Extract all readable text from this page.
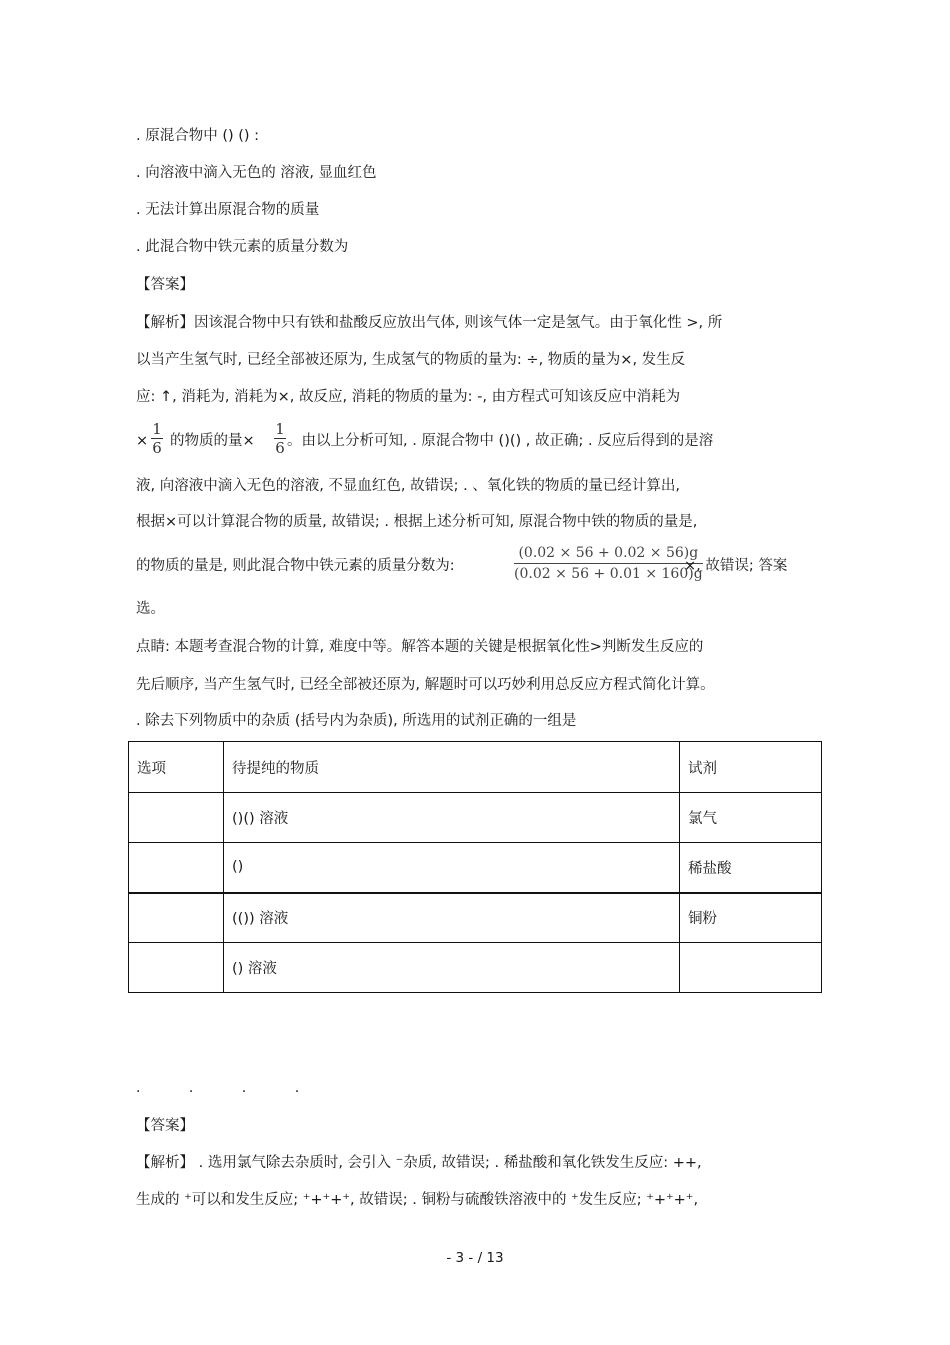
. 原混合物中 () () :
. 向溶液中滴入无色的 溶液, 显血红色
. 无法计算出原混合物的质量
. 此混合物中铁元素的质量分数为
【答案】
【解析】因该混合物中只有铁和盐酸反应放出气体, 则该气体一定是氢气。由于氧化性 >, 所
以当产生氢气时, 已经全部被还原为, 生成氢气的物质的量为: ÷, 物质的量为×, 发生反
应: ↑, 消耗为, 消耗为×, 故反应, 消耗的物质的量为: -, 由方程式可知该反应中消耗为
× $\frac{1}{6}$ 的物质的量× $\frac{1}{6}$ 。由以上分析可知, . 原混合物中 ()() , 故正确; . 反应后得到的是溶
液, 向溶液中滴入无色的溶液, 不显血红色, 故错误; . 、氧化铁的物质的量已经计算出,
根据×可以计算混合物的质量, 故错误; . 根据上述分析可知, 原混合物中铁的物质的量是,
的物质的量是, 则此混合物中铁元素的质量分数为:	$\frac{(0.02 \times 56 + 0.02 \times 56)g}{(0.02 \times 56 + 0.01 \times 160)g}$
×, 故错误; 答案
选。
点睛: 本题考查混合物的计算, 难度中等。解答本题的关键是根据氧化性>判断发生反应的
先后顺序, 当产生氢气时, 已经全部被还原为, 解题时可以巧妙利用总反应方程式简化计算。
. 除去下列物质中的杂质 (括号内为杂质), 所选用的试剂正确的一组是
选项	待提纯的物质	试剂
	()() 溶液	氯气
	()	稀盐酸
	(()) 溶液	铜粉
	() 溶液	
. . . .
【答案】
【解析】 . 选用氯气除去杂质时, 会引入 ⁻杂质, 故错误; . 稀盐酸和氧化铁发生反应: ++,
生成的 ⁺可以和发生反应; ⁺+⁺+⁺, 故错误; . 铜粉与硫酸铁溶液中的 ⁺发生反应; ⁺+⁺+⁺,
- 3 - / 13
